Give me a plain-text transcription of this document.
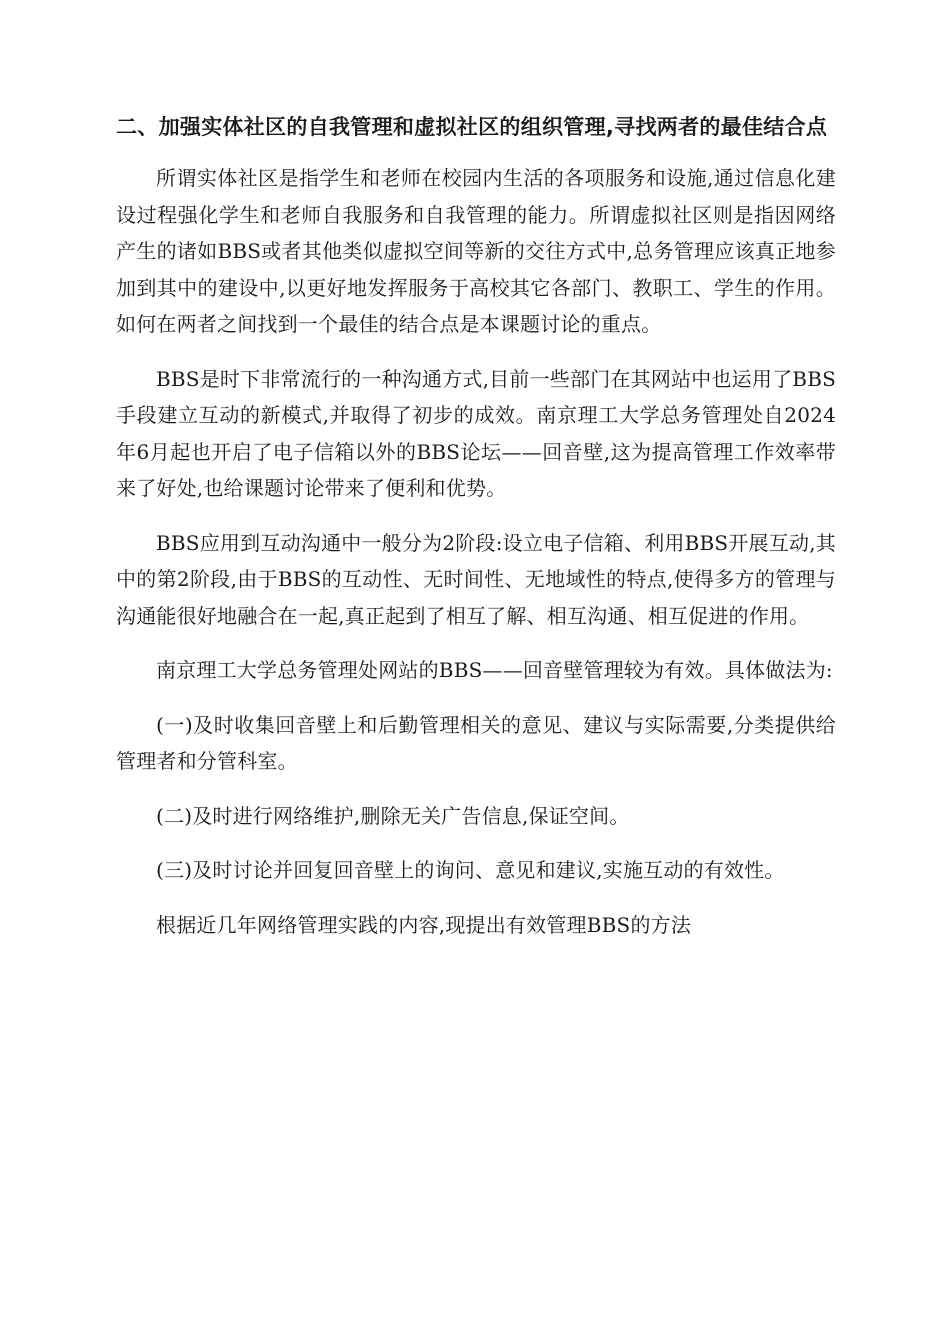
二、加强实体社区的自我管理和虚拟社区的组织管理,寻找两者的最佳结合点

所谓实体社区是指学生和老师在校园内生活的各项服务和设施,通过信息化建设过程强化学生和老师自我服务和自我管理的能力。所谓虚拟社区则是指因网络产生的诸如BBS或者其他类似虚拟空间等新的交往方式中,总务管理应该真正地参加到其中的建设中,以更好地发挥服务于高校其它各部门、教职工、学生的作用。如何在两者之间找到一个最佳的结合点是本课题讨论的重点。

BBS是时下非常流行的一种沟通方式,目前一些部门在其网站中也运用了BBS手段建立互动的新模式,并取得了初步的成效。南京理工大学总务管理处自2024年6月起也开启了电子信箱以外的BBS论坛——回音壁,这为提高管理工作效率带来了好处,也给课题讨论带来了便利和优势。

BBS应用到互动沟通中一般分为2阶段:设立电子信箱、利用BBS开展互动,其中的第2阶段,由于BBS的互动性、无时间性、无地域性的特点,使得多方的管理与沟通能很好地融合在一起,真正起到了相互了解、相互沟通、相互促进的作用。

南京理工大学总务管理处网站的BBS——回音壁管理较为有效。具体做法为:

(一)及时收集回音壁上和后勤管理相关的意见、建议与实际需要,分类提供给管理者和分管科室。

(二)及时进行网络维护,删除无关广告信息,保证空间。

(三)及时讨论并回复回音壁上的询问、意见和建议,实施互动的有效性。

根据近几年网络管理实践的内容,现提出有效管理BBS的方法
